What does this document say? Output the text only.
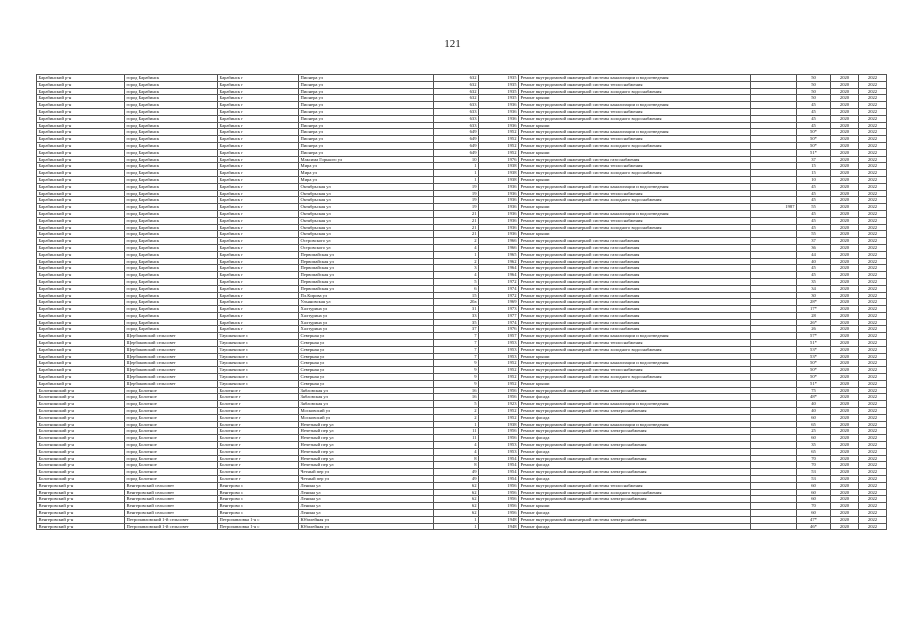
121
Барабинский р-н	город Барабинск	Барабинск г	Пионера ул	632	1935	Ремонт внутридомовой инженерной системы канализации и водоотведения		50	2020	2022
Барабинский р-н	город Барабинск	Барабинск г	Пионера ул	632	1935	Ремонт внутридомовой инженерной системы теплоснабжения		50	2020	2022
Барабинский р-н	город Барабинск	Барабинск г	Пионера ул	632	1935	Ремонт внутридомовой инженерной системы холодного водоснабжения		50	2020	2022
Барабинский р-н	город Барабинск	Барабинск г	Пионера ул	632	1935	Ремонт крыши		50	2020	2022
Барабинский р-н	город Барабинск	Барабинск г	Пионера ул	633	1936	Ремонт внутридомовой инженерной системы канализации и водоотведения		45	2020	2022
Барабинский р-н	город Барабинск	Барабинск г	Пионера ул	633	1936	Ремонт внутридомовой инженерной системы теплоснабжения		45	2020	2022
Барабинский р-н	город Барабинск	Барабинск г	Пионера ул	633	1936	Ремонт внутридомовой инженерной системы холодного водоснабжения		45	2020	2022
Барабинский р-н	город Барабинск	Барабинск г	Пионера ул	633	1936	Ремонт крыши		45	2020	2022
Барабинский р-н	город Барабинск	Барабинск г	Пионера ул	649	1952	Ремонт внутридомовой инженерной системы канализации и водоотведения		50*	2020	2022
Барабинский р-н	город Барабинск	Барабинск г	Пионера ул	649	1952	Ремонт внутридомовой инженерной системы теплоснабжения		50*	2020	2022
Барабинский р-н	город Барабинск	Барабинск г	Пионера ул	649	1952	Ремонт внутридомовой инженерной системы холодного водоснабжения		50*	2020	2022
Барабинский р-н	город Барабинск	Барабинск г	Пионера ул	649	1952	Ремонт крыши		51*	2020	2022
Барабинский р-н	город Барабинск	Барабинск г	Максима Горького ул	10	1976	Ремонт внутридомовой инженерной системы газоснабжения		37	2020	2022
Барабинский р-н	город Барабинск	Барабинск г	Мира ул	1	1938	Ремонт внутридомовой инженерной системы теплоснабжения		15	2020	2022
Барабинский р-н	город Барабинск	Барабинск г	Мира ул	1	1938	Ремонт внутридомовой инженерной системы холодного водоснабжения		15	2020	2022
Барабинский р-н	город Барабинск	Барабинск г	Мира ул	1	1938	Ремонт крыши		10	2020	2022
Барабинский р-н	город Барабинск	Барабинск г	Октябрьская ул	19	1936	Ремонт внутридомовой инженерной системы канализации и водоотведения		45	2020	2022
Барабинский р-н	город Барабинск	Барабинск г	Октябрьская ул	19	1936	Ремонт внутридомовой инженерной системы теплоснабжения		45	2020	2022
Барабинский р-н	город Барабинск	Барабинск г	Октябрьская ул	19	1936	Ремонт внутридомовой инженерной системы холодного водоснабжения		45	2020	2022
Барабинский р-н	город Барабинск	Барабинск г	Октябрьская ул	19	1936	Ремонт крыши	1987	55	2020	2022
Барабинский р-н	город Барабинск	Барабинск г	Октябрьская ул	21	1936	Ремонт внутридомовой инженерной системы канализации и водоотведения		45	2020	2022
Барабинский р-н	город Барабинск	Барабинск г	Октябрьская ул	21	1936	Ремонт внутридомовой инженерной системы теплоснабжения		45	2020	2022
Барабинский р-н	город Барабинск	Барабинск г	Октябрьская ул	21	1936	Ремонт внутридомовой инженерной системы холодного водоснабжения		45	2020	2022
Барабинский р-н	город Барабинск	Барабинск г	Октябрьская ул	21	1936	Ремонт крыши		55	2020	2022
Барабинский р-н	город Барабинск	Барабинск г	Островского ул	2	1966	Ремонт внутридомовой инженерной системы газоснабжения		37	2020	2022
Барабинский р-н	город Барабинск	Барабинск г	Островского ул	4	1966	Ремонт внутридомовой инженерной системы газоснабжения		36	2020	2022
Барабинский р-н	город Барабинск	Барабинск г	Первомайская ул	1	1965	Ремонт внутридомовой инженерной системы газоснабжения		44	2020	2022
Барабинский р-н	город Барабинск	Барабинск г	Первомайская ул	2	1962	Ремонт внутридомовой инженерной системы газоснабжения		40	2020	2022
Барабинский р-н	город Барабинск	Барабинск г	Первомайская ул	3	1964	Ремонт внутридомовой инженерной системы газоснабжения		45	2020	2022
Барабинский р-н	город Барабинск	Барабинск г	Первомайская ул	4	1964	Ремонт внутридомовой инженерной системы газоснабжения		45	2020	2022
Барабинский р-н	город Барабинск	Барабинск г	Первомайская ул	5	1972	Ремонт внутридомовой инженерной системы газоснабжения		35	2020	2022
Барабинский р-н	город Барабинск	Барабинск г	Первомайская ул	6	1974	Ремонт внутридомовой инженерной системы газоснабжения		34	2020	2022
Барабинский р-н	город Барабинск	Барабинск г	Пл.Кирова ул	15	1972	Ремонт внутридомовой инженерной системы газоснабжения		30	2020	2022
Барабинский р-н	город Барабинск	Барабинск г	Ульяновская ул	20а	1969	Ремонт внутридомовой инженерной системы газоснабжения		28*	2020	2022
Барабинский р-н	город Барабинск	Барабинск г	Халтурина ул	31	1973	Ремонт внутридомовой инженерной системы газоснабжения		17*	2020	2022
Барабинский р-н	город Барабинск	Барабинск г	Халтурина ул	33	1977	Ремонт внутридомовой инженерной системы газоснабжения		28	2020	2022
Барабинский р-н	город Барабинск	Барабинск г	Халтурина ул	35	1974	Ремонт внутридомовой инженерной системы газоснабжения		26*	2020	2022
Барабинский р-н	город Барабинск	Барабинск г	Халтурина ул	37	1976	Ремонт внутридомовой инженерной системы газоснабжения		26	2020	2022
Барабинский р-н	Щербаковский сельсовет	Таушкенское с	Северная ул	7	1957	Ремонт внутридомовой инженерной системы канализации и водоотведения		57*	2020	2022
Барабинский р-н	Щербаковский сельсовет	Таушкенское с	Северная ул	7	1953	Ремонт внутридомовой инженерной системы теплоснабжения		51*	2020	2022
Барабинский р-н	Щербаковский сельсовет	Таушкенское с	Северная ул	7	1953	Ремонт внутридомовой инженерной системы холодного водоснабжения		53*	2020	2022
Барабинский р-н	Щербаковский сельсовет	Таушкенское с	Северная ул	7	1953	Ремонт крыши		53*	2020	2022
Барабинский р-н	Щербаковский сельсовет	Таушкенское с	Северная ул	9	1952	Ремонт внутридомовой инженерной системы канализации и водоотведения		50*	2020	2022
Барабинский р-н	Щербаковский сельсовет	Таушкенское с	Северная ул	9	1952	Ремонт внутридомовой инженерной системы теплоснабжения		50*	2020	2022
Барабинский р-н	Щербаковский сельсовет	Таушкенское с	Северная ул	9	1952	Ремонт внутридомовой инженерной системы холодного водоснабжения		50*	2020	2022
Барабинский р-н	Щербаковский сельсовет	Таушкенское с	Северная ул	9	1952	Ремонт крыши		51*	2020	2022
Болотнинский р-н	город Болотное	Болотное г	Зябловская ул	16	1956	Ремонт внутридомовой инженерной системы электроснабжения		75	2020	2022
Болотнинский р-н	город Болотное	Болотное г	Зябловская ул	16	1956	Ремонт фасада		48*	2020	2022
Болотнинский р-н	город Болотное	Болотное г	Зябловская ул	5	1923	Ремонт внутридомовой инженерной системы канализации и водоотведения		40	2020	2022
Болотнинский р-н	город Болотное	Болотное г	Московский ул	2	1952	Ремонт внутридомовой инженерной системы электроснабжения		40	2020	2022
Болотнинский р-н	город Болотное	Болотное г	Московский ул	2	1952	Ремонт фасада		60	2020	2022
Болотнинский р-н	город Болотное	Болотное г	Нечетный пер ул	1	1938	Ремонт внутридомовой инженерной системы канализации и водоотведения		65	2020	2022
Болотнинский р-н	город Болотное	Болотное г	Нечетный пер ул	11	1956	Ремонт внутридомовой инженерной системы электроснабжения		25	2020	2022
Болотнинский р-н	город Болотное	Болотное г	Нечетный пер ул	11	1956	Ремонт фасада		60	2020	2022
Болотнинский р-н	город Болотное	Болотное г	Нечетный пер ул	4	1953	Ремонт внутридомовой инженерной системы электроснабжения		35	2020	2022
Болотнинский р-н	город Болотное	Болотное г	Нечетный пер ул	4	1953	Ремонт фасада		65	2020	2022
Болотнинский р-н	город Болотное	Болотное г	Нечетный пер ул	8	1954	Ремонт внутридомовой инженерной системы электроснабжения		70	2020	2022
Болотнинский р-н	город Болотное	Болотное г	Нечетный пер ул	8	1954	Ремонт фасада		70	2020	2022
Болотнинский р-н	город Болотное	Болотное г	Четный пер ул	49	1954	Ремонт внутридомовой инженерной системы электроснабжения		53	2020	2022
Болотнинский р-н	город Болотное	Болотное г	Четный пер ул	49	1954	Ремонт фасада		53	2020	2022
Венгеровский р-н	Венгеровский сельсовет	Венгерово с	Ленина ул	62	1956	Ремонт внутридомовой инженерной системы теплоснабжения		60	2020	2022
Венгеровский р-н	Венгеровский сельсовет	Венгерово с	Ленина ул	62	1956	Ремонт внутридомовой инженерной системы холодного водоснабжения		60	2020	2022
Венгеровский р-н	Венгеровский сельсовет	Венгерово с	Ленина ул	62	1956	Ремонт внутридомовой инженерной системы электроснабжения		60	2020	2022
Венгеровский р-н	Венгеровский сельсовет	Венгерово с	Ленина ул	62	1956	Ремонт крыши		70	2020	2022
Венгеровский р-н	Венгеровский сельсовет	Венгерово с	Ленина ул	62	1956	Ремонт фасада		60	2020	2022
Венгеровский р-н	Петропавловский 1-й сельсовет	Петропавловка 1-я с	Юбилейная ул	1	1948	Ремонт внутридомовой инженерной системы электроснабжения		47*	2020	2022
Венгеровский р-н	Петропавловский 1-й сельсовет	Петропавловка 1-я с	Юбилейная ул	1	1948	Ремонт фасада		46*	2020	2022
